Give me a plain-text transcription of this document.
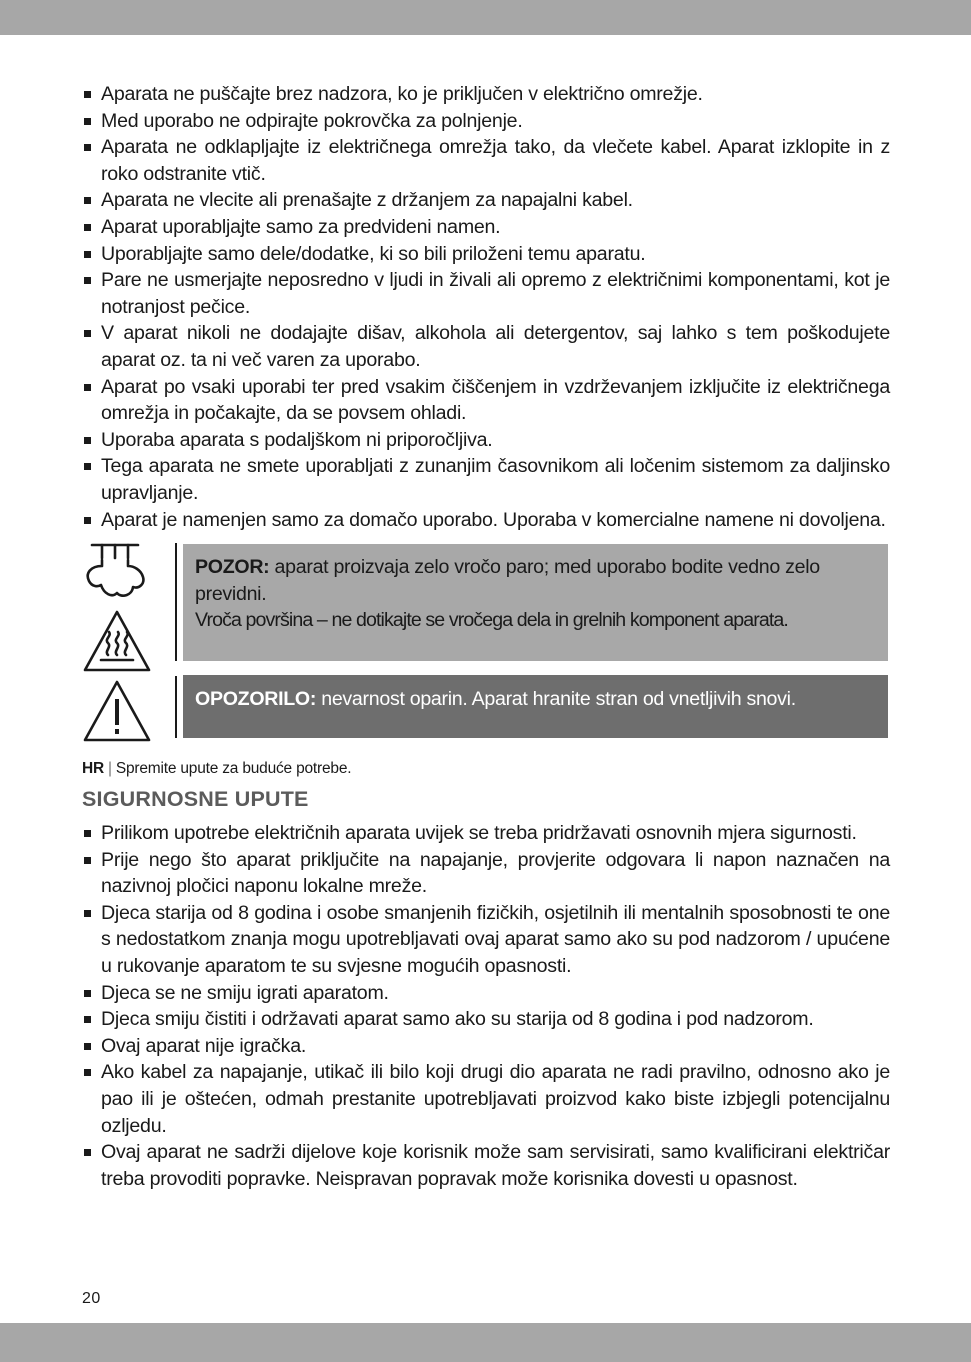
Aparata ne puščajte brez nadzora, ko je priključen v električno omrežje.
Med uporabo ne odpirajte pokrovčka za polnjenje.
Aparata ne odklapljajte iz električnega omrežja tako, da vlečete kabel. Aparat izklopite in z roko odstranite vtič.
Aparata ne vlecite ali prenašajte z držanjem za napajalni kabel.
Aparat uporabljajte samo za predvideni namen.
Uporabljajte samo dele/dodatke, ki so bili priloženi temu aparatu.
Pare ne usmerjajte neposredno v ljudi in živali ali opremo z električnimi komponentami, kot je notranjost pečice.
V aparat nikoli ne dodajajte dišav, alkohola ali detergentov, saj lahko s tem poškodujete aparat oz. ta ni več varen za uporabo.
Aparat po vsaki uporabi ter pred vsakim čiščenjem in vzdrževanjem izključite iz električnega omrežja in počakajte, da se povsem ohladi.
Uporaba aparata s podaljškom ni priporočljiva.
Tega aparata ne smete uporabljati z zunanjim časovnikom ali ločenim sistemom za daljinsko upravljanje.
Aparat je namenjen samo za domačo uporabo. Uporaba v komercialne namene ni dovoljena.
POZOR: aparat proizvaja zelo vročo paro; med uporabo bodite vedno zelo previdni.
Vroča površina – ne dotikajte se vročega dela in grelnih komponent aparata.
OPOZORILO: nevarnost oparin. Aparat hranite stran od vnetljivih snovi.
HR | Spremite upute za buduće potrebe.
SIGURNOSNE UPUTE
Prilikom upotrebe električnih aparata uvijek se treba pridržavati osnovnih mjera sigurnosti.
Prije nego što aparat priključite na napajanje, provjerite odgovara li napon naznačen na nazivnoj pločici naponu lokalne mreže.
Djeca starija od 8 godina i osobe smanjenih fizičkih, osjetilnih ili mentalnih sposobnosti te one s nedostatkom znanja mogu upotrebljavati ovaj aparat samo ako su pod nadzorom / upućene u rukovanje aparatom te su svjesne mogućih opasnosti.
Djeca se ne smiju igrati aparatom.
Djeca smiju čistiti i održavati aparat samo ako su starija od 8 godina i pod nadzorom.
Ovaj aparat nije igračka.
Ako kabel za napajanje, utikač ili bilo koji drugi dio aparata ne radi pravilno, odnosno ako je pao ili je oštećen, odmah prestanite upotrebljavati proizvod kako biste izbjegli potencijalnu ozljedu.
Ovaj aparat ne sadrži dijelove koje korisnik može sam servisirati, samo kvalificirani električar treba provoditi popravke. Neispravan popravak može korisnika dovesti u opasnost.
20
